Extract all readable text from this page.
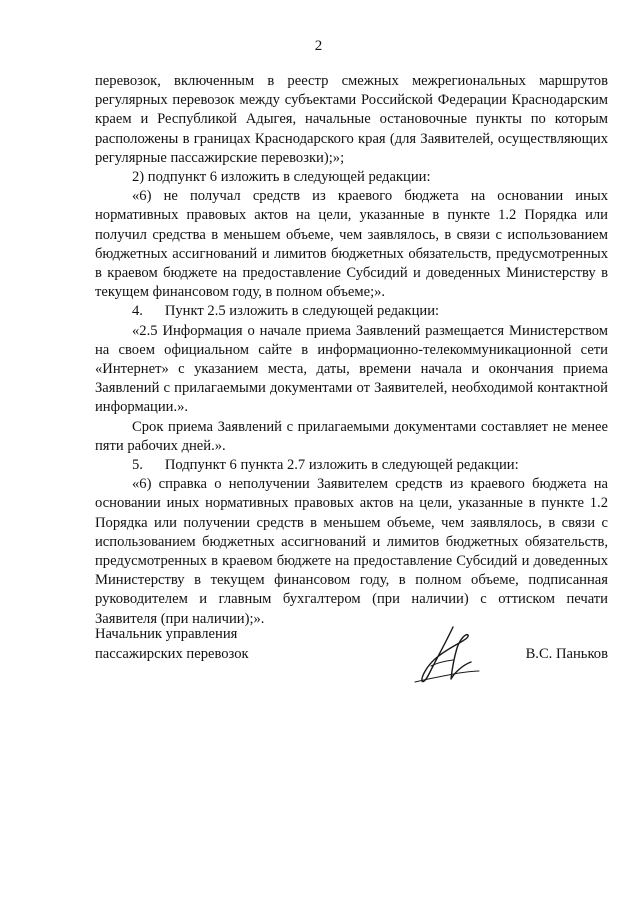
2

перевозок, включенным в реестр смежных межрегиональных маршрутов регулярных перевозок между субъектами Российской Федерации Краснодарским краем и Республикой Адыгея, начальные остановочные пункты по которым расположены в границах Краснодарского края (для Заявителей, осуществляющих регулярные пассажирские перевозки);»;

2) подпункт 6 изложить в следующей редакции:

«6) не получал средств из краевого бюджета на основании иных нормативных правовых актов на цели, указанные в пункте 1.2 Порядка или получил средства в меньшем объеме, чем заявлялось, в связи с использованием бюджетных ассигнований и лимитов бюджетных обязательств, предусмотренных в краевом бюджете на предоставление Субсидий и доведенных Министерству в текущем финансовом году, в полном объеме;».

4.      Пункт 2.5 изложить в следующей редакции:

«2.5 Информация о начале приема Заявлений размещается Министерством на своем официальном сайте в информационно-телекоммуникационной сети «Интернет» с указанием места, даты, времени начала и окончания приема Заявлений с прилагаемыми документами от Заявителей, необходимой контактной информации.».

Срок приема Заявлений с прилагаемыми документами составляет не менее пяти рабочих дней.».

5.      Подпункт 6 пункта 2.7 изложить в следующей редакции:

«6) справка о неполучении Заявителем средств из краевого бюджета на основании иных нормативных правовых актов на цели, указанные в пункте 1.2 Порядка или получении средств в меньшем объеме, чем заявлялось, в связи с использованием бюджетных ассигнований и лимитов бюджетных обязательств, предусмотренных в краевом бюджете на предоставление Субсидий и доведенных Министерству в текущем финансовом году, в полном объеме, подписанная руководителем и главным бухгалтером (при наличии) с оттиском печати Заявителя (при наличии);».

Начальник управления
пассажирских перевозок	В.С. Паньков
